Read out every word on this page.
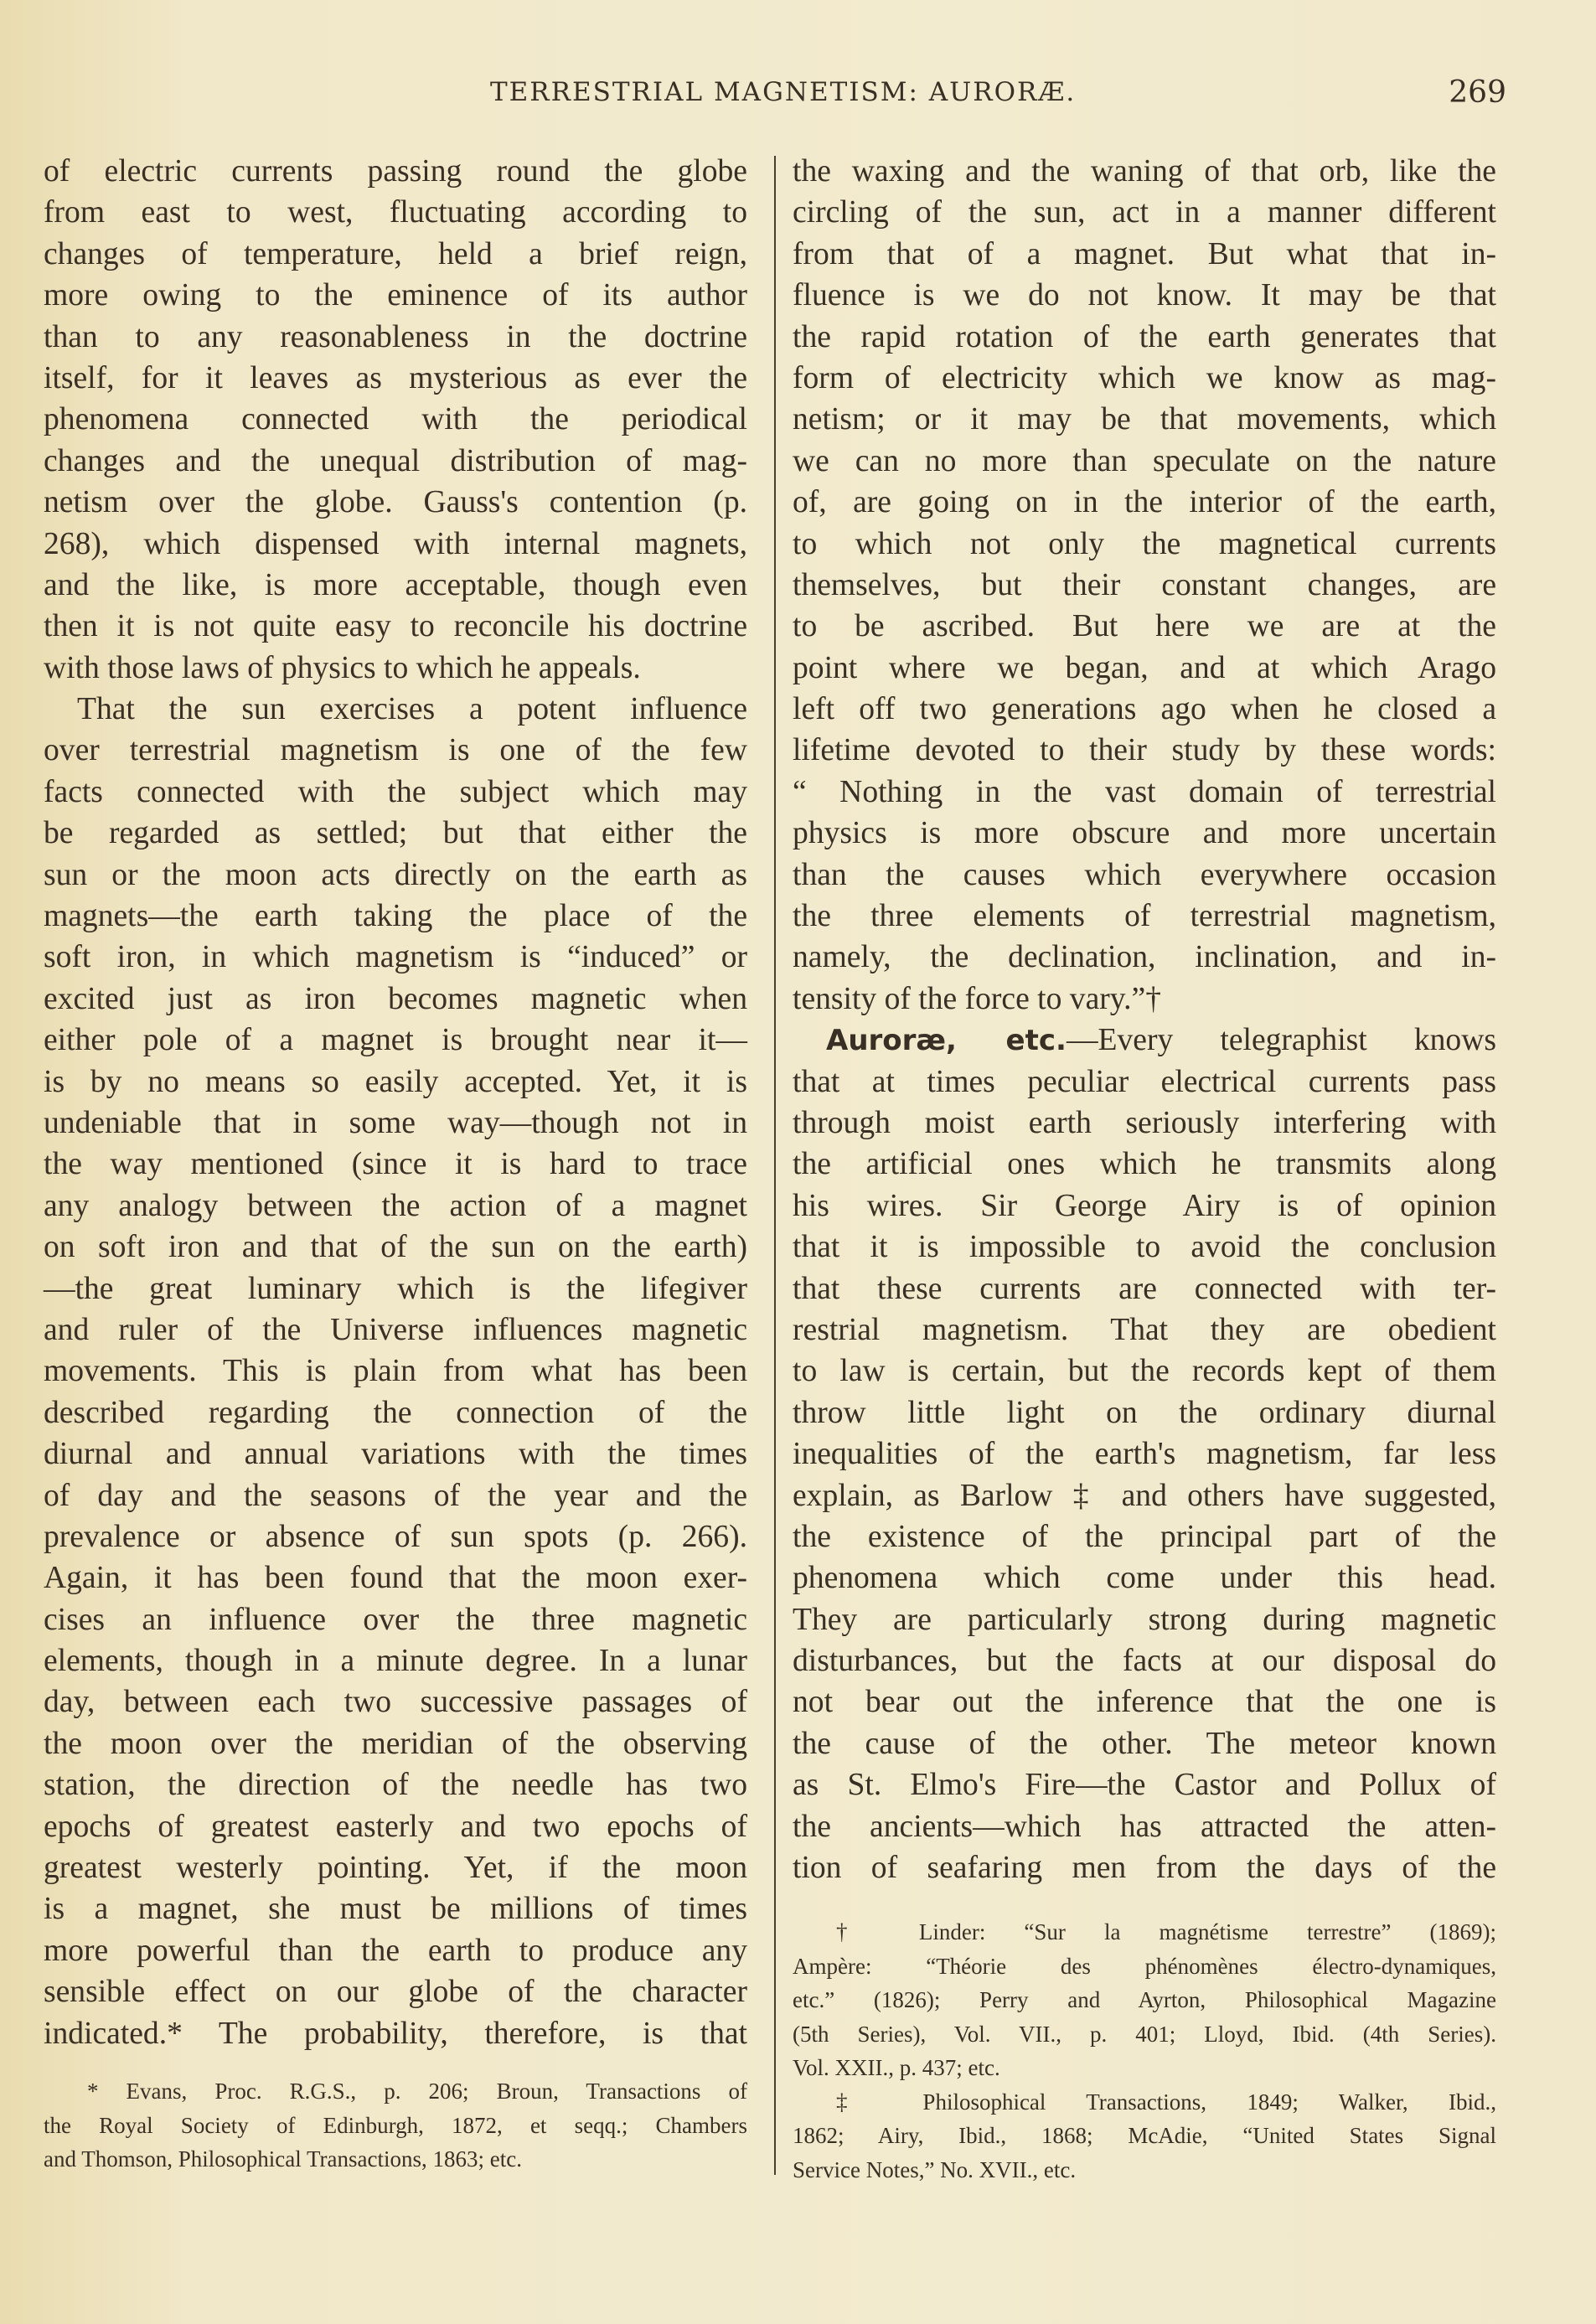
TERRESTRIAL MAGNETISM: AURORÆ.	269
of electric currents passing round the globe
from east to west, fluctuating according to
changes of temperature, held a brief reign,
more owing to the eminence of its author
than to any reasonableness in the doctrine
itself, for it leaves as mysterious as ever the
phenomena connected with the periodical
changes and the unequal distribution of mag-
netism over the globe. Gauss's contention (p.
268), which dispensed with internal magnets,
and the like, is more acceptable, though even
then it is not quite easy to reconcile his doctrine
with those laws of physics to which he appeals.
That the sun exercises a potent influence
over terrestrial magnetism is one of the few
facts connected with the subject which may
be regarded as settled; but that either the
sun or the moon acts directly on the earth as
magnets—the earth taking the place of the
soft iron, in which magnetism is “induced” or
excited just as iron becomes magnetic when
either pole of a magnet is brought near it—
is by no means so easily accepted. Yet, it is
undeniable that in some way—though not in
the way mentioned (since it is hard to trace
any analogy between the action of a magnet
on soft iron and that of the sun on the earth)
—the great luminary which is the lifegiver
and ruler of the Universe influences magnetic
movements. This is plain from what has been
described regarding the connection of the
diurnal and annual variations with the times
of day and the seasons of the year and the
prevalence or absence of sun spots (p. 266).
Again, it has been found that the moon exer-
cises an influence over the three magnetic
elements, though in a minute degree. In a lunar
day, between each two successive passages of
the moon over the meridian of the observing
station, the direction of the needle has two
epochs of greatest easterly and two epochs of
greatest westerly pointing. Yet, if the moon
is a magnet, she must be millions of times
more powerful than the earth to produce any
sensible effect on our globe of the character
indicated.* The probability, therefore, is that
the waxing and the waning of that orb, like the
circling of the sun, act in a manner different
from that of a magnet. But what that in-
fluence is we do not know. It may be that
the rapid rotation of the earth generates that
form of electricity which we know as mag-
netism; or it may be that movements, which
we can no more than speculate on the nature
of, are going on in the interior of the earth,
to which not only the magnetical currents
themselves, but their constant changes, are
to be ascribed. But here we are at the
point where we began, and at which Arago
left off two generations ago when he closed a
lifetime devoted to their study by these words:
“ Nothing in the vast domain of terrestrial
physics is more obscure and more uncertain
than the causes which everywhere occasion
the three elements of terrestrial magnetism,
namely, the declination, inclination, and in-
tensity of the force to vary.”†
Auroræ, etc.—Every telegraphist knows
that at times peculiar electrical currents pass
through moist earth seriously interfering with
the artificial ones which he transmits along
his wires. Sir George Airy is of opinion
that it is impossible to avoid the conclusion
that these currents are connected with ter-
restrial magnetism. That they are obedient
to law is certain, but the records kept of them
throw little light on the ordinary diurnal
inequalities of the earth's magnetism, far less
explain, as Barlow ‡ and others have suggested,
the existence of the principal part of the
phenomena which come under this head.
They are particularly strong during magnetic
disturbances, but the facts at our disposal do
not bear out the inference that the one is
the cause of the other. The meteor known
as St. Elmo's Fire—the Castor and Pollux of
the ancients—which has attracted the atten-
tion of seafaring men from the days of the
* Evans, Proc. R.G.S., p. 206; Broun, Transactions of
the Royal Society of Edinburgh, 1872, et seqq.; Chambers
and Thomson, Philosophical Transactions, 1863; etc.
† Linder: “Sur la magnétisme terrestre” (1869);
Ampère: “Théorie des phénomènes électro-dynamiques,
etc.” (1826); Perry and Ayrton, Philosophical Magazine
(5th Series), Vol. VII., p. 401; Lloyd, Ibid. (4th Series).
Vol. XXII., p. 437; etc.
‡ Philosophical Transactions, 1849; Walker, Ibid.,
1862; Airy, Ibid., 1868; McAdie, “United States Signal
Service Notes,” No. XVII., etc.
